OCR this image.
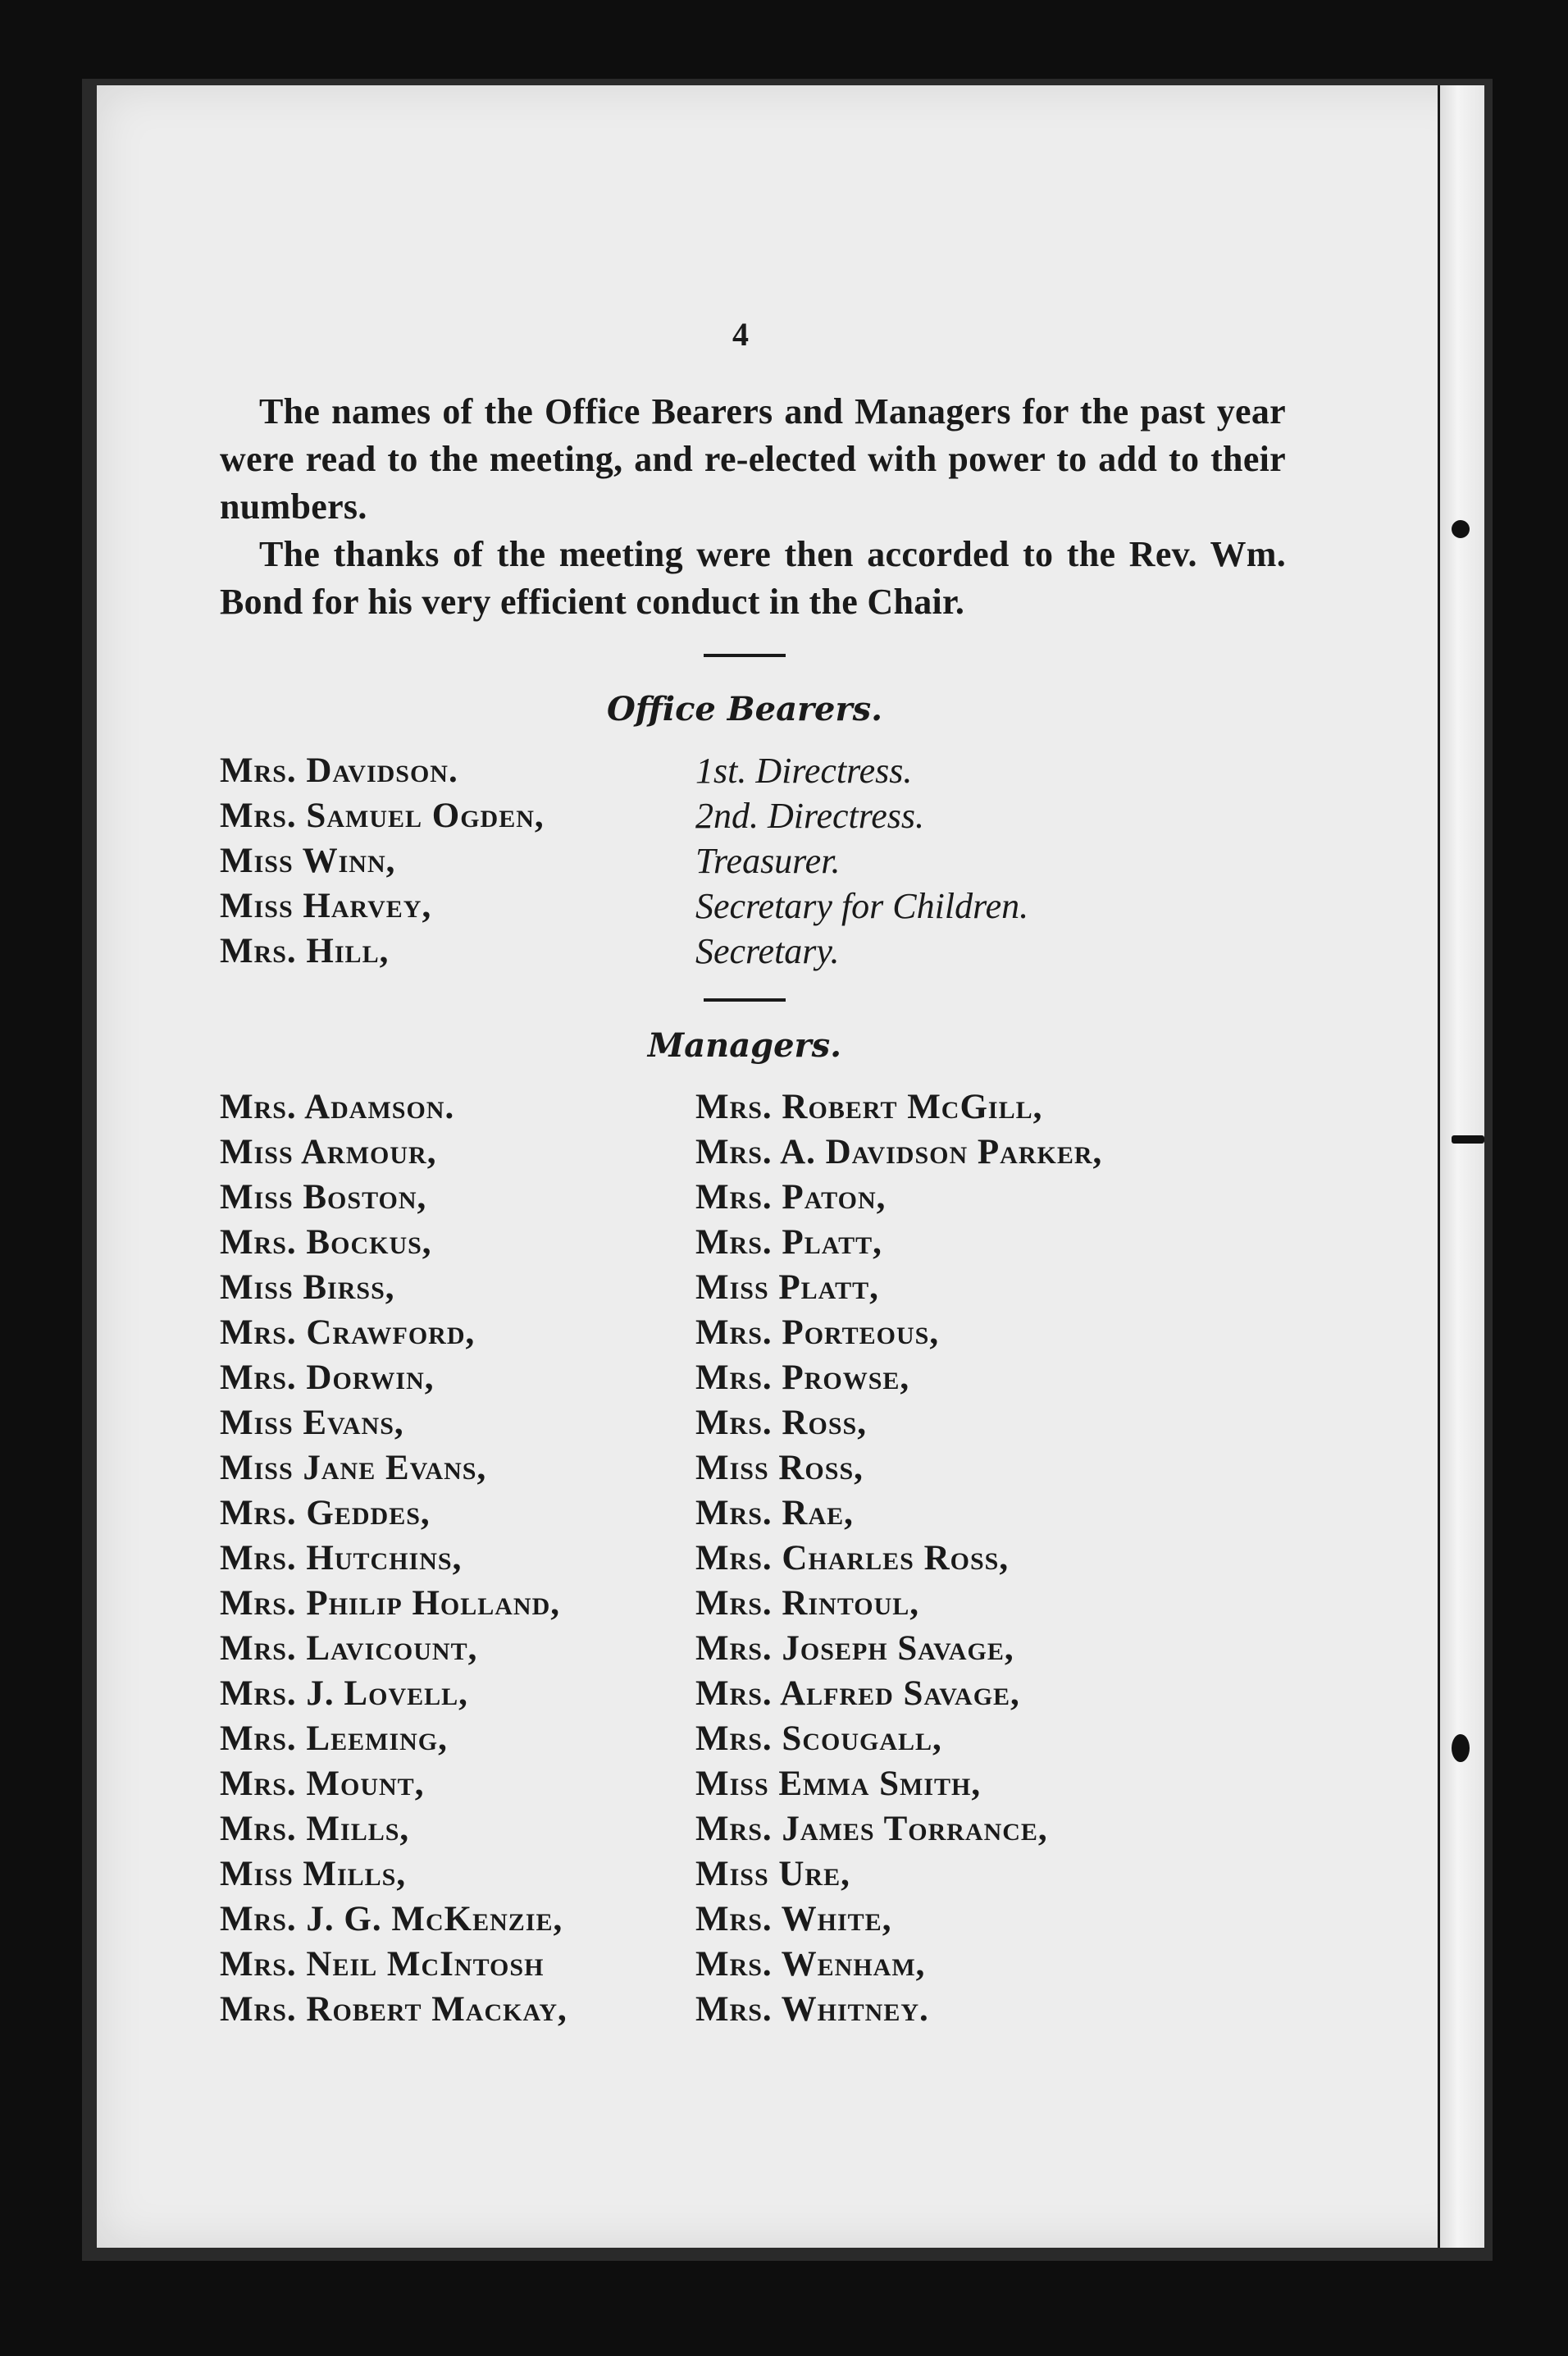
4

The names of the Office Bearers and Managers for the past year were read to the meeting, and re-elected with power to add to their numbers.

The thanks of the meeting were then accorded to the Rev. Wm. Bond for his very efficient conduct in the Chair.

Office Bearers.
Mrs. Davidson.	1st. Directress.
Mrs. Samuel Ogden,	2nd. Directress.
Miss Winn,	Treasurer.
Miss Harvey,	Secretary for Children.
Mrs. Hill,	Secretary.
Managers.
Mrs. Adamson.	Mrs. Robert McGill,
Miss Armour,	Mrs. A. Davidson Parker,
Miss Boston,	Mrs. Paton,
Mrs. Bockus,	Mrs. Platt,
Miss Birss,	Miss Platt,
Mrs. Crawford,	Mrs. Porteous,
Mrs. Dorwin,	Mrs. Prowse,
Miss Evans,	Mrs. Ross,
Miss Jane Evans,	Miss Ross,
Mrs. Geddes,	Mrs. Rae,
Mrs. Hutchins,	Mrs. Charles Ross,
Mrs. Philip Holland,	Mrs. Rintoul,
Mrs. Lavicount,	Mrs. Joseph Savage,
Mrs. J. Lovell,	Mrs. Alfred Savage,
Mrs. Leeming,	Mrs. Scougall,
Mrs. Mount,	Miss Emma Smith,
Mrs. Mills,	Mrs. James Torrance,
Miss Mills,	Miss Ure,
Mrs. J. G. McKenzie,	Mrs. White,
Mrs. Neil McIntosh	Mrs. Wenham,
Mrs. Robert Mackay,	Mrs. Whitney.
